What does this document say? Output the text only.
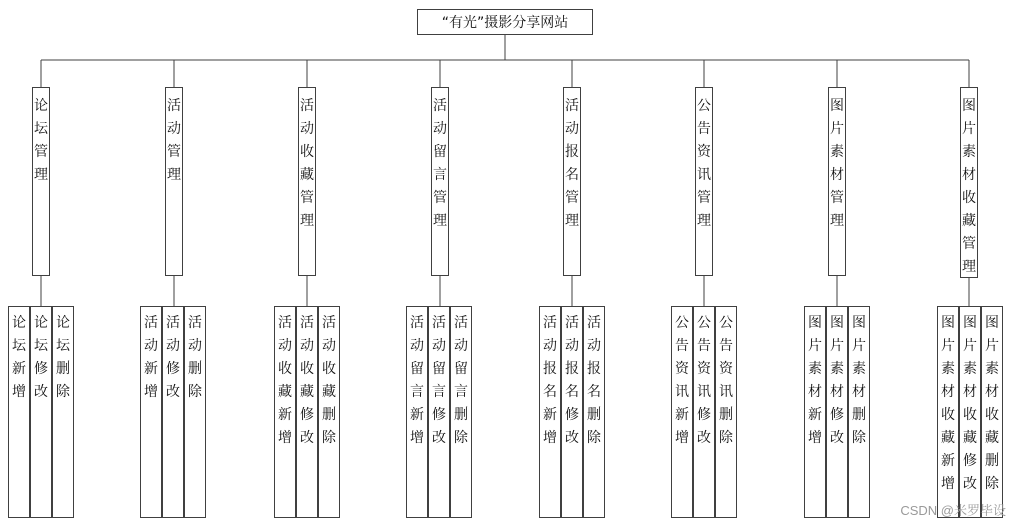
“有光”摄影分享网站
论坛管理
论坛新增
论坛修改
论坛删除
活动管理
活动新增
活动修改
活动删除
活动收藏管理
活动收藏新增
活动收藏修改
活动收藏删除
活动留言管理
活动留言新增
活动留言修改
活动留言删除
活动报名管理
活动报名新增
活动报名修改
活动报名删除
公告资讯管理
公告资讯新增
公告资讯修改
公告资讯删除
图片素材管理
图片素材新增
图片素材修改
图片素材删除
图片素材收藏管理
图片素材收藏新增
图片素材收藏修改
图片素材收藏删除
CSDN @米罗毕设
